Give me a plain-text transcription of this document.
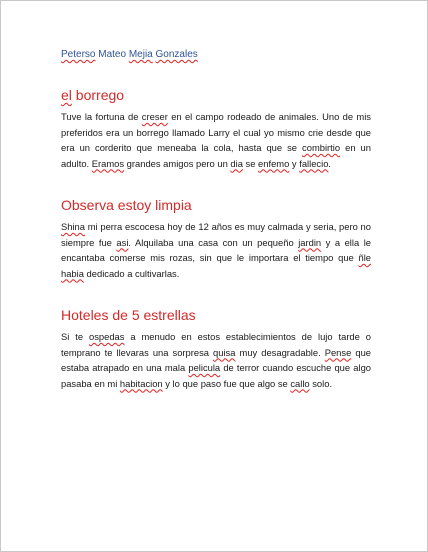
Peterso Mateo Mejia Gonzales

el borrego

Tuve la fortuna de creser en el campo rodeado de animales. Uno de mis preferidos era un borrego llamado Larry el cual yo mismo crie desde que era un corderito que meneaba la cola, hasta que se combirtio en un adulto. Eramos grandes amigos pero un dia se enfemo y fallecio.

Observa estoy limpia

Shina mi perra escocesa hoy de 12 años es muy calmada y seria, pero no siempre fue asi. Alquilaba una casa con un pequeño jardin y a ella le encantaba comerse mis rozas, sin que le importara el tiempo que ñle habia dedicado a cultivarlas.

Hoteles de 5 estrellas

Si te ospedas a menudo en estos establecimientos de lujo tarde o temprano te llevaras una sorpresa quisa muy desagradable. Pense que estaba atrapado en una mala pelicula de terror cuando escuche que algo pasaba en mi habitacion y lo que paso fue que algo se callo solo.
